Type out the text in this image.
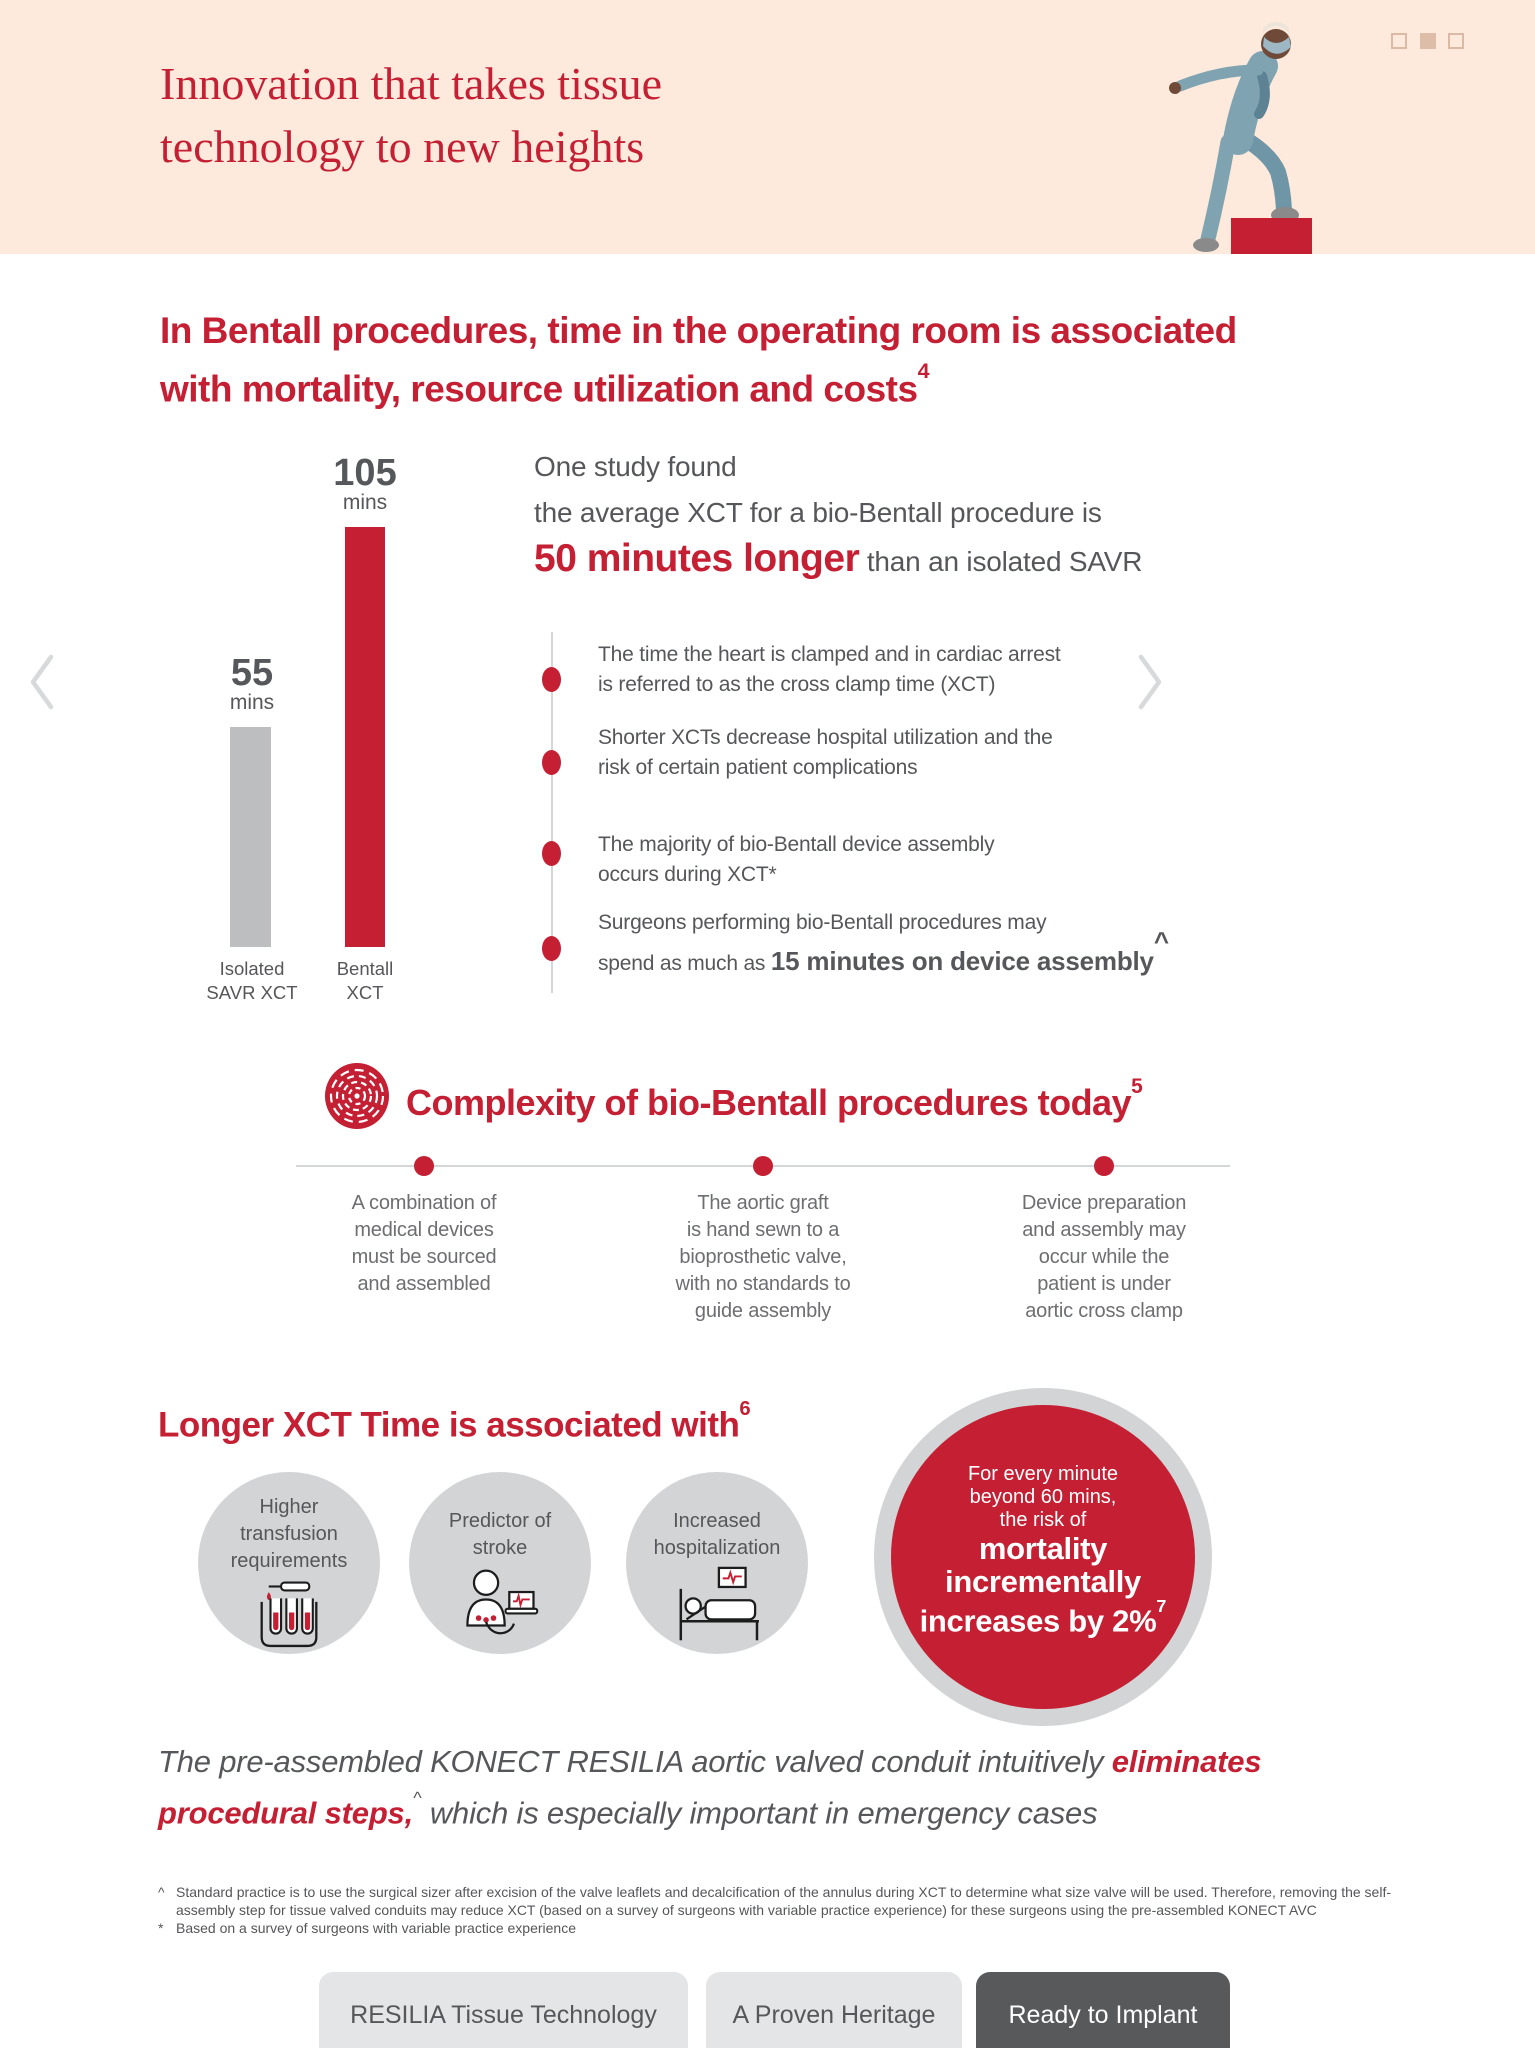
Innovation that takes tissue
technology to new heights
In Bentall procedures, time in the operating room is associated
with mortality, resource utilization and costs$^4$
55
mins
105
mins
Isolated
SAVR XCT
Bentall
XCT
One study found
the average XCT for a bio-Bentall procedure is
50 minutes longer than an isolated SAVR
The time the heart is clamped and in cardiac arrest
is referred to as the cross clamp time (XCT)
Shorter XCTs decrease hospital utilization and the
risk of certain patient complications
The majority of bio-Bentall device assembly
occurs during XCT*
Surgeons performing bio-Bentall procedures may
spend as much as 15 minutes on device assembly^
Complexity of bio-Bentall procedures today$^5$
A combination of
medical devices
must be sourced
and assembled
The aortic graft
is hand sewn to a
bioprosthetic valve,
with no standards to
guide assembly
Device preparation
and assembly may
occur while the
patient is under
aortic cross clamp
Longer XCT Time is associated with$^6$
Higher
transfusion
requirements
Predictor of
stroke
Increased
hospitalization
For every minute
beyond 60 mins,
the risk of
mortality
incrementally
increases by 2%$^7$
The pre-assembled KONECT RESILIA aortic valved conduit intuitively eliminates
procedural steps,^ which is especially important in emergency cases
^ Standard practice is to use the surgical sizer after excision of the valve leaflets and decalcification of the annulus during XCT to determine what size valve will be used. Therefore, removing the self-assembly step for tissue valved conduits may reduce XCT (based on a survey of surgeons with variable practice experience) for these surgeons using the pre-assembled KONECT AVC
* Based on a survey of surgeons with variable practice experience
RESILIA Tissue Technology	A Proven Heritage	Ready to Implant
